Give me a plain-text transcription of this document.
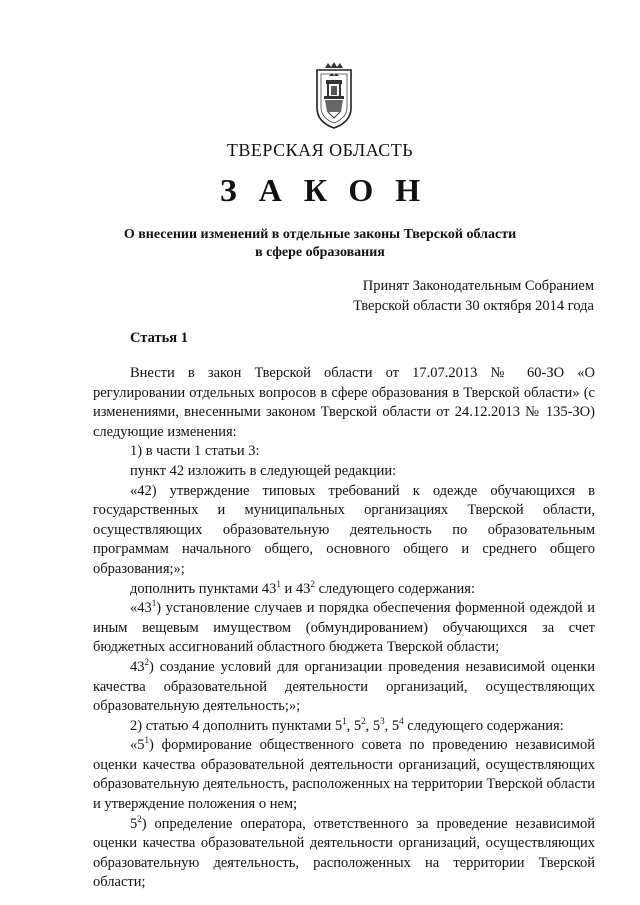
ТВЕРСКАЯ ОБЛАСТЬ
ЗАКОН
О внесении изменений в отдельные законы Тверской области
в сфере образования
Принят Законодательным Собранием
Тверской области 30 октября 2014 года
Статья 1

Внести в закон Тверской области от 17.07.2013 № 60-ЗО «О регулировании отдельных вопросов в сфере образования в Тверской области» (с изменениями, внесенными законом Тверской области от 24.12.2013 № 135-ЗО) следующие изменения:

1) в части 1 статьи 3:

пункт 42 изложить в следующей редакции:

«42) утверждение типовых требований к одежде обучающихся в государственных и муниципальных организациях Тверской области, осуществляющих образовательную деятельность по образовательным программам начального общего, основного общего и среднего общего образования;»;

дополнить пунктами $43^1$ и $43^2$ следующего содержания:

«$43^1$) установление случаев и порядка обеспечения форменной одеждой и иным вещевым имуществом (обмундированием) обучающихся за счет бюджетных ассигнований областного бюджета Тверской области;

$43^2$) создание условий для организации проведения независимой оценки качества образовательной деятельности организаций, осуществляющих образовательную деятельность;»;

2) статью 4 дополнить пунктами $5^1$, $5^2$, $5^3$, $5^4$ следующего содержания:

«$5^1$) формирование общественного совета по проведению независимой оценки качества образовательной деятельности организаций, осуществляющих образовательную деятельность, расположенных на территории Тверской области и утверждение положения о нем;

$5^2$) определение оператора, ответственного за проведение независимой оценки качества образовательной деятельности организаций, осуществляющих образовательную деятельность, расположенных на территории Тверской области;
